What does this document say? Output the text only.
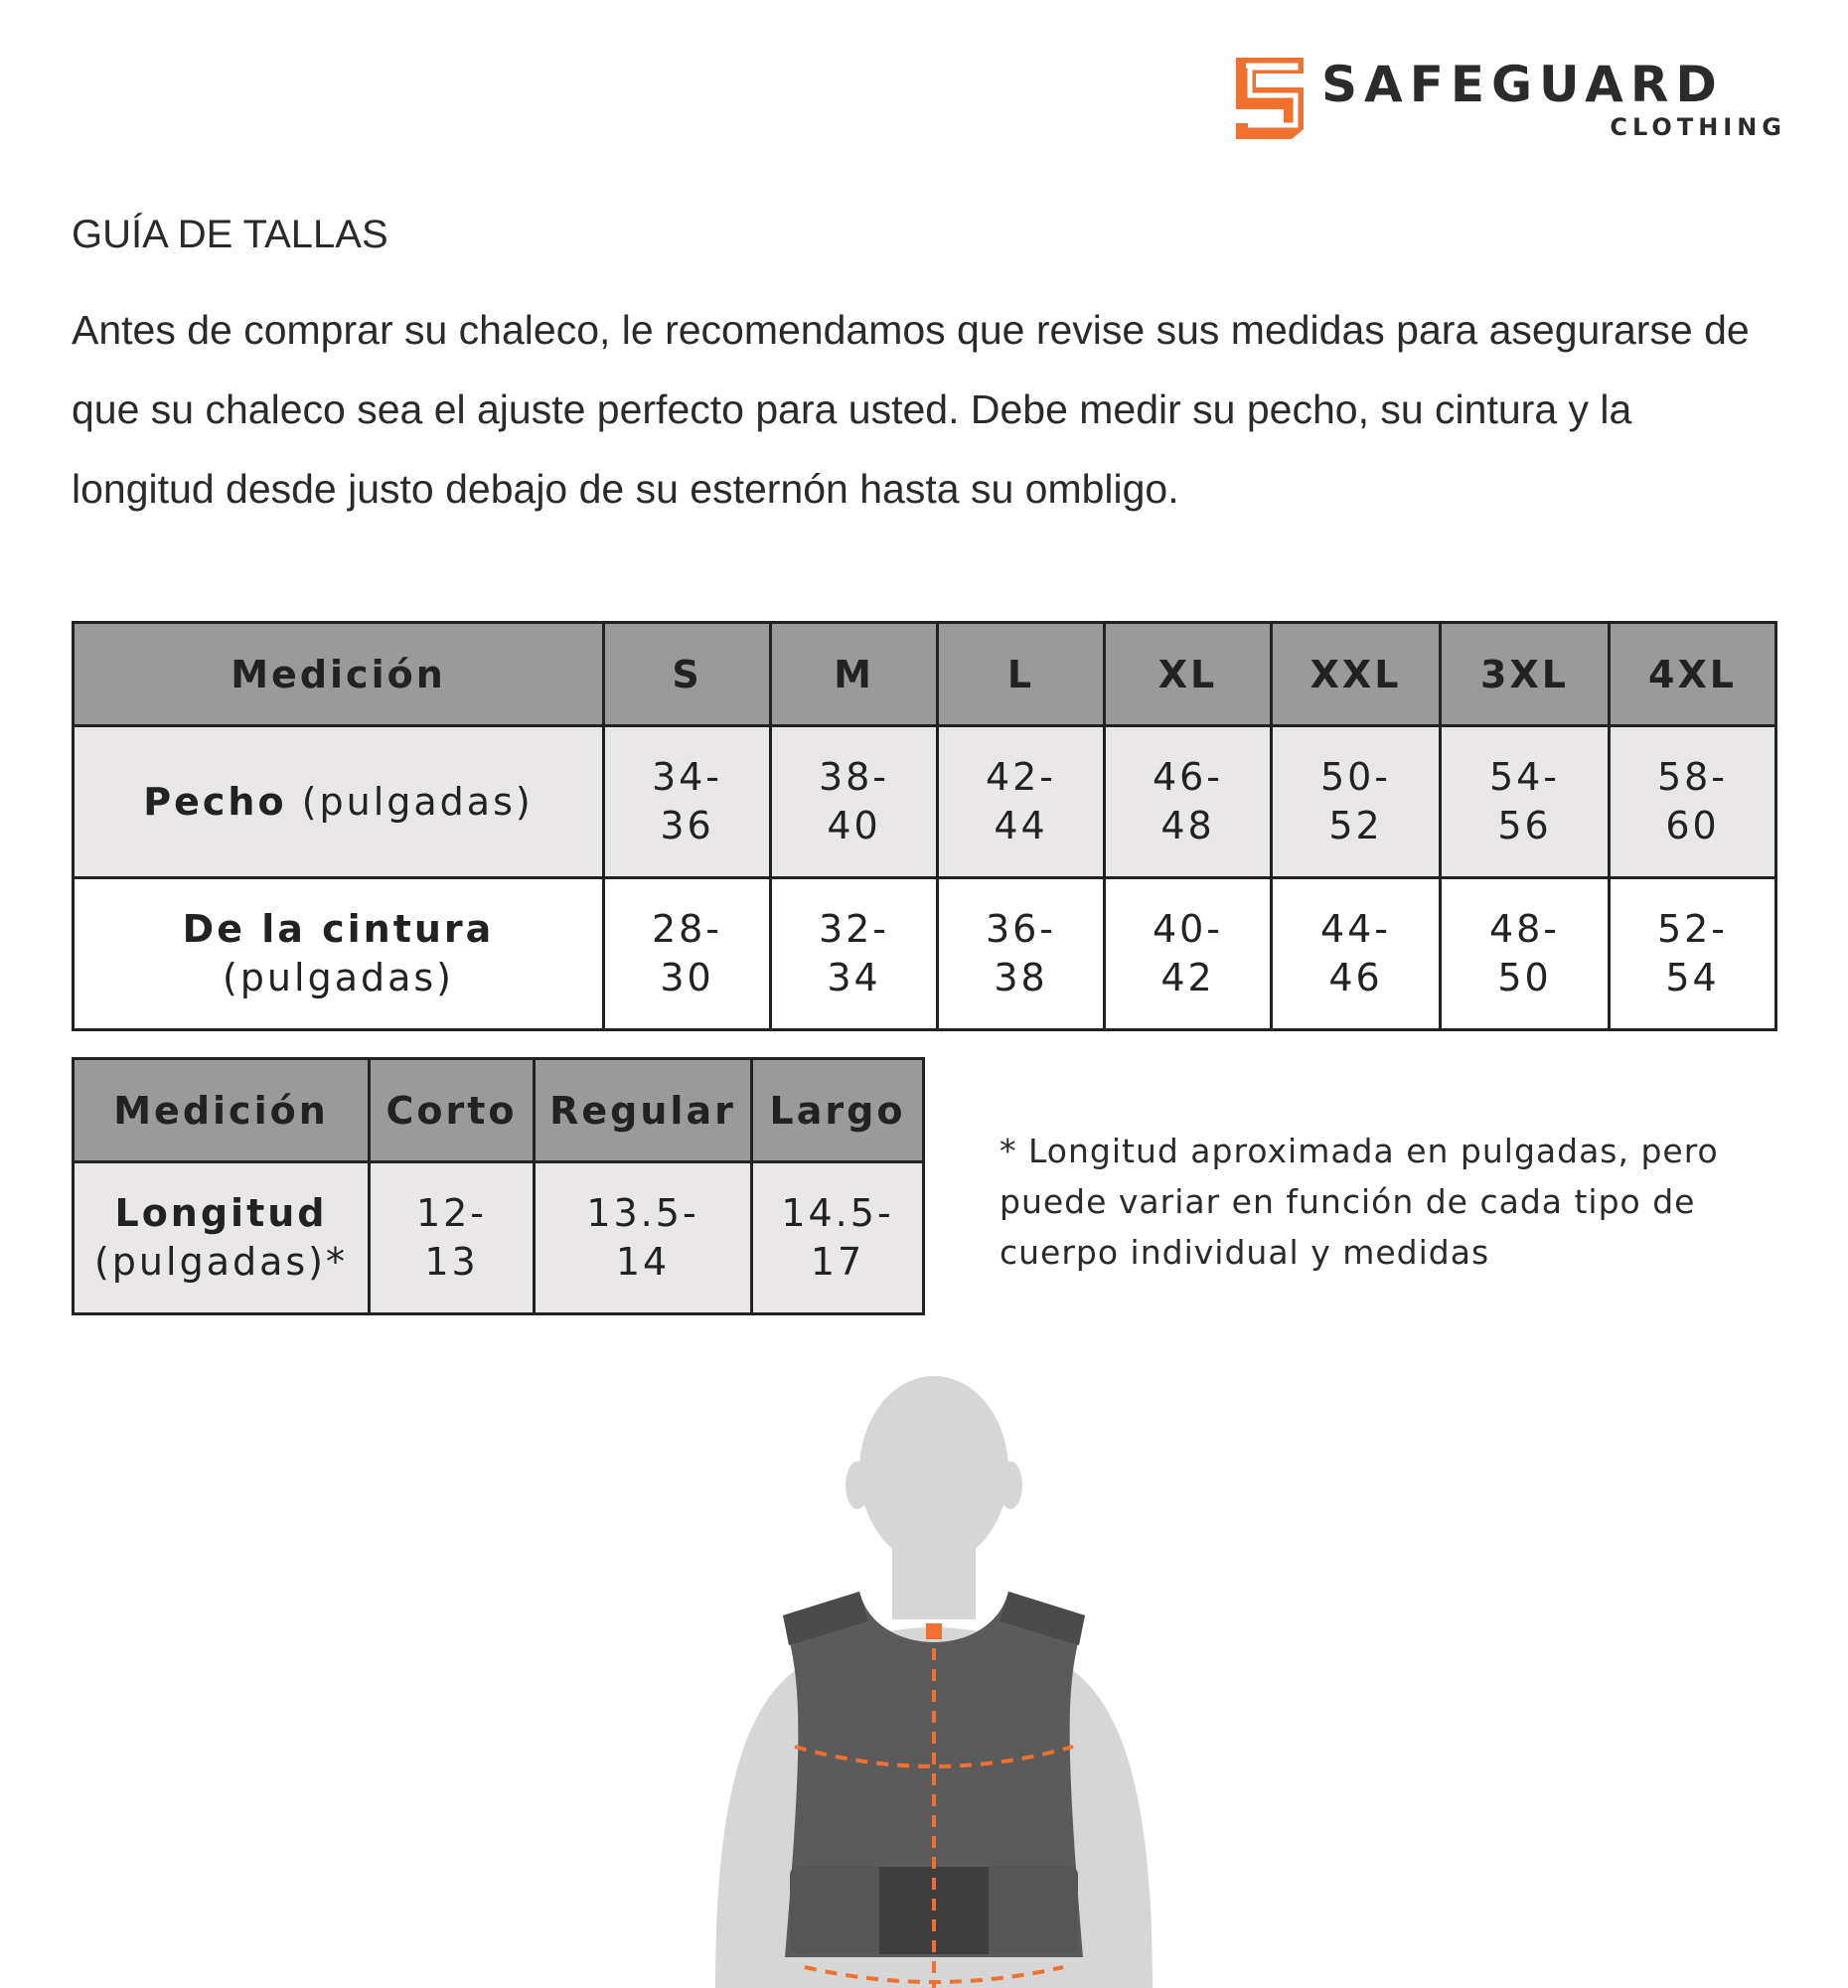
SAFEGUARD
CLOTHING
GUÍA DE TALLAS

Antes de comprar su chaleco, le recomendamos que revise sus medidas para asegurarse de que su chaleco sea el ajuste perfecto para usted. Debe medir su pecho, su cintura y la longitud desde justo debajo de su esternón hasta su ombligo.

Medición	S	M	L	XL	XXL	3XL	4XL
Pecho (pulgadas)	34-
36	38-
40	42-
44	46-
48	50-
52	54-
56	58-
60

De la cintura
(pulgadas)	28-
30	32-
34	36-
38	40-
42	44-
46	48-
50	52-
54
Medición	Corto	Regular	Largo

Longitud
(pulgadas)*	12-
13	13.5-
14	14.5-
17

* Longitud aproximada en pulgadas, pero puede variar en función de cada tipo de cuerpo individual y medidas
